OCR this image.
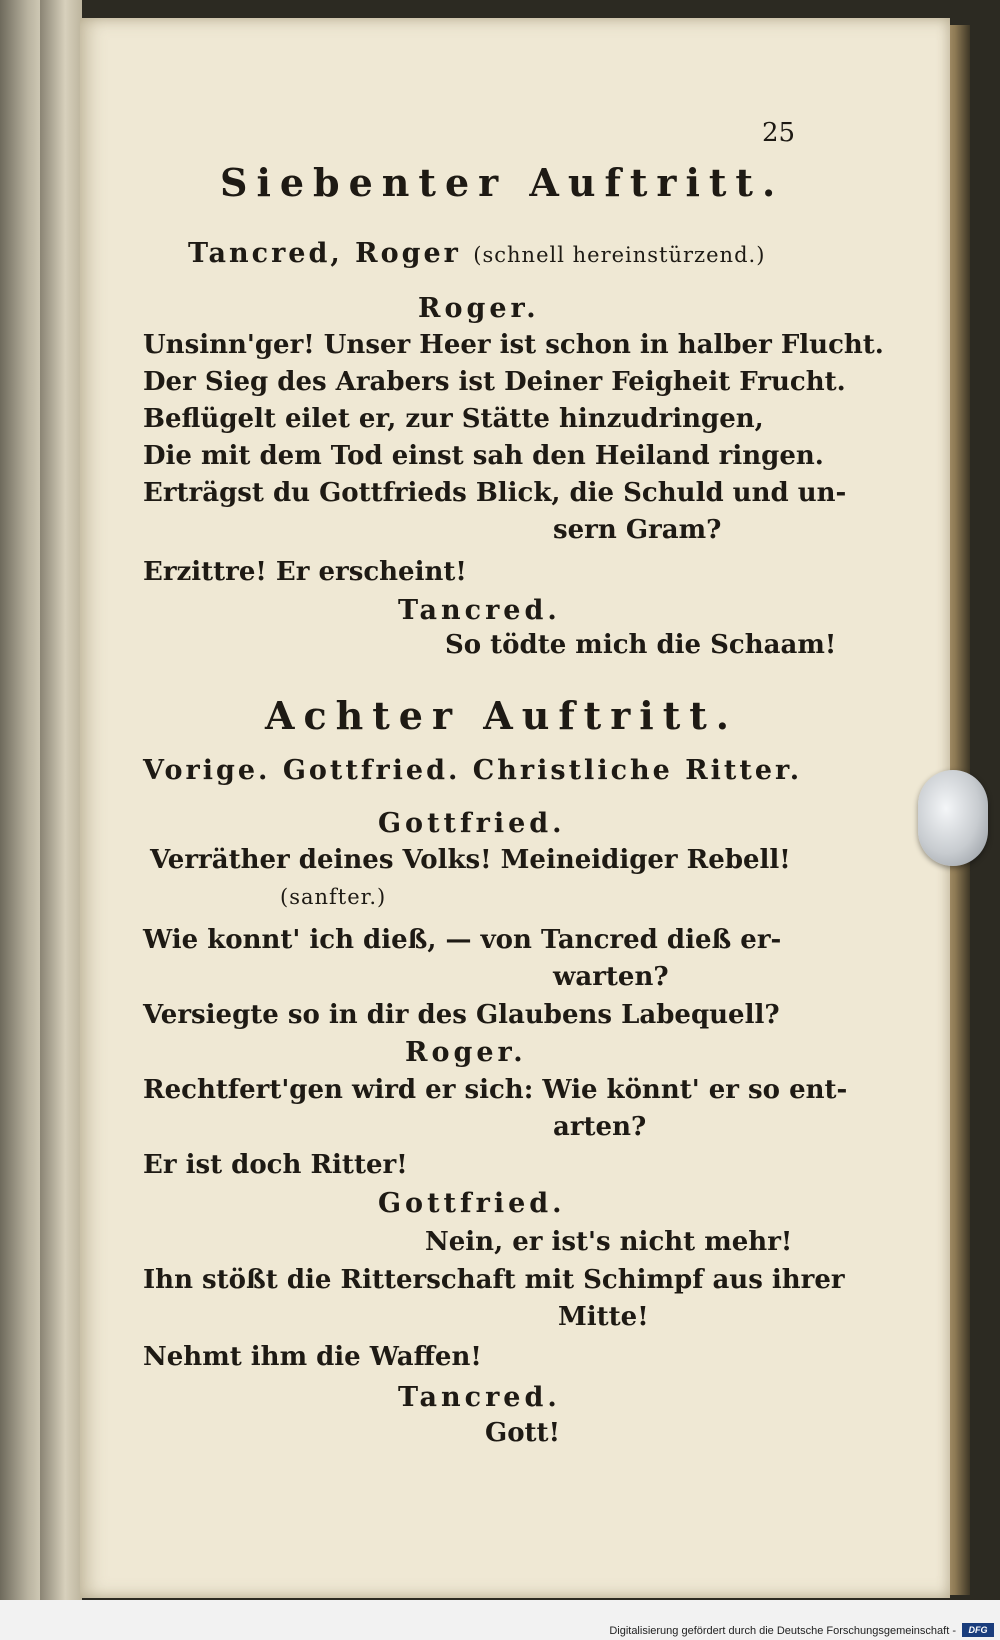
25
Siebenter Auftritt.
Tancred, Roger (schnell hereinstürzend.)
Roger.
Unsinn'ger! Unser Heer ist schon in halber Flucht.
Der Sieg des Arabers ist Deiner Feigheit Frucht.
Beflügelt eilet er, zur Stätte hinzudringen,
Die mit dem Tod einst sah den Heiland ringen.
Erträgst du Gottfrieds Blick, die Schuld und un-
sern Gram?
Erzittre! Er erscheint!
Tancred.
So tödte mich die Schaam!
Achter Auftritt.
Vorige. Gottfried. Christliche Ritter.
Gottfried.
Verräther deines Volks! Meineidiger Rebell!
(sanfter.)
Wie konnt' ich dieß, — von Tancred dieß er-
warten?
Versiegte so in dir des Glaubens Labequell?
Roger.
Rechtfert'gen wird er sich: Wie könnt' er so ent-
arten?
Er ist doch Ritter!
Gottfried.
Nein, er ist's nicht mehr!
Ihn stößt die Ritterschaft mit Schimpf aus ihrer
Mitte!
Nehmt ihm die Waffen!
Tancred.
Gott!
Digitalisierung gefördert durch die Deutsche Forschungsgemeinschaft -	DFG
